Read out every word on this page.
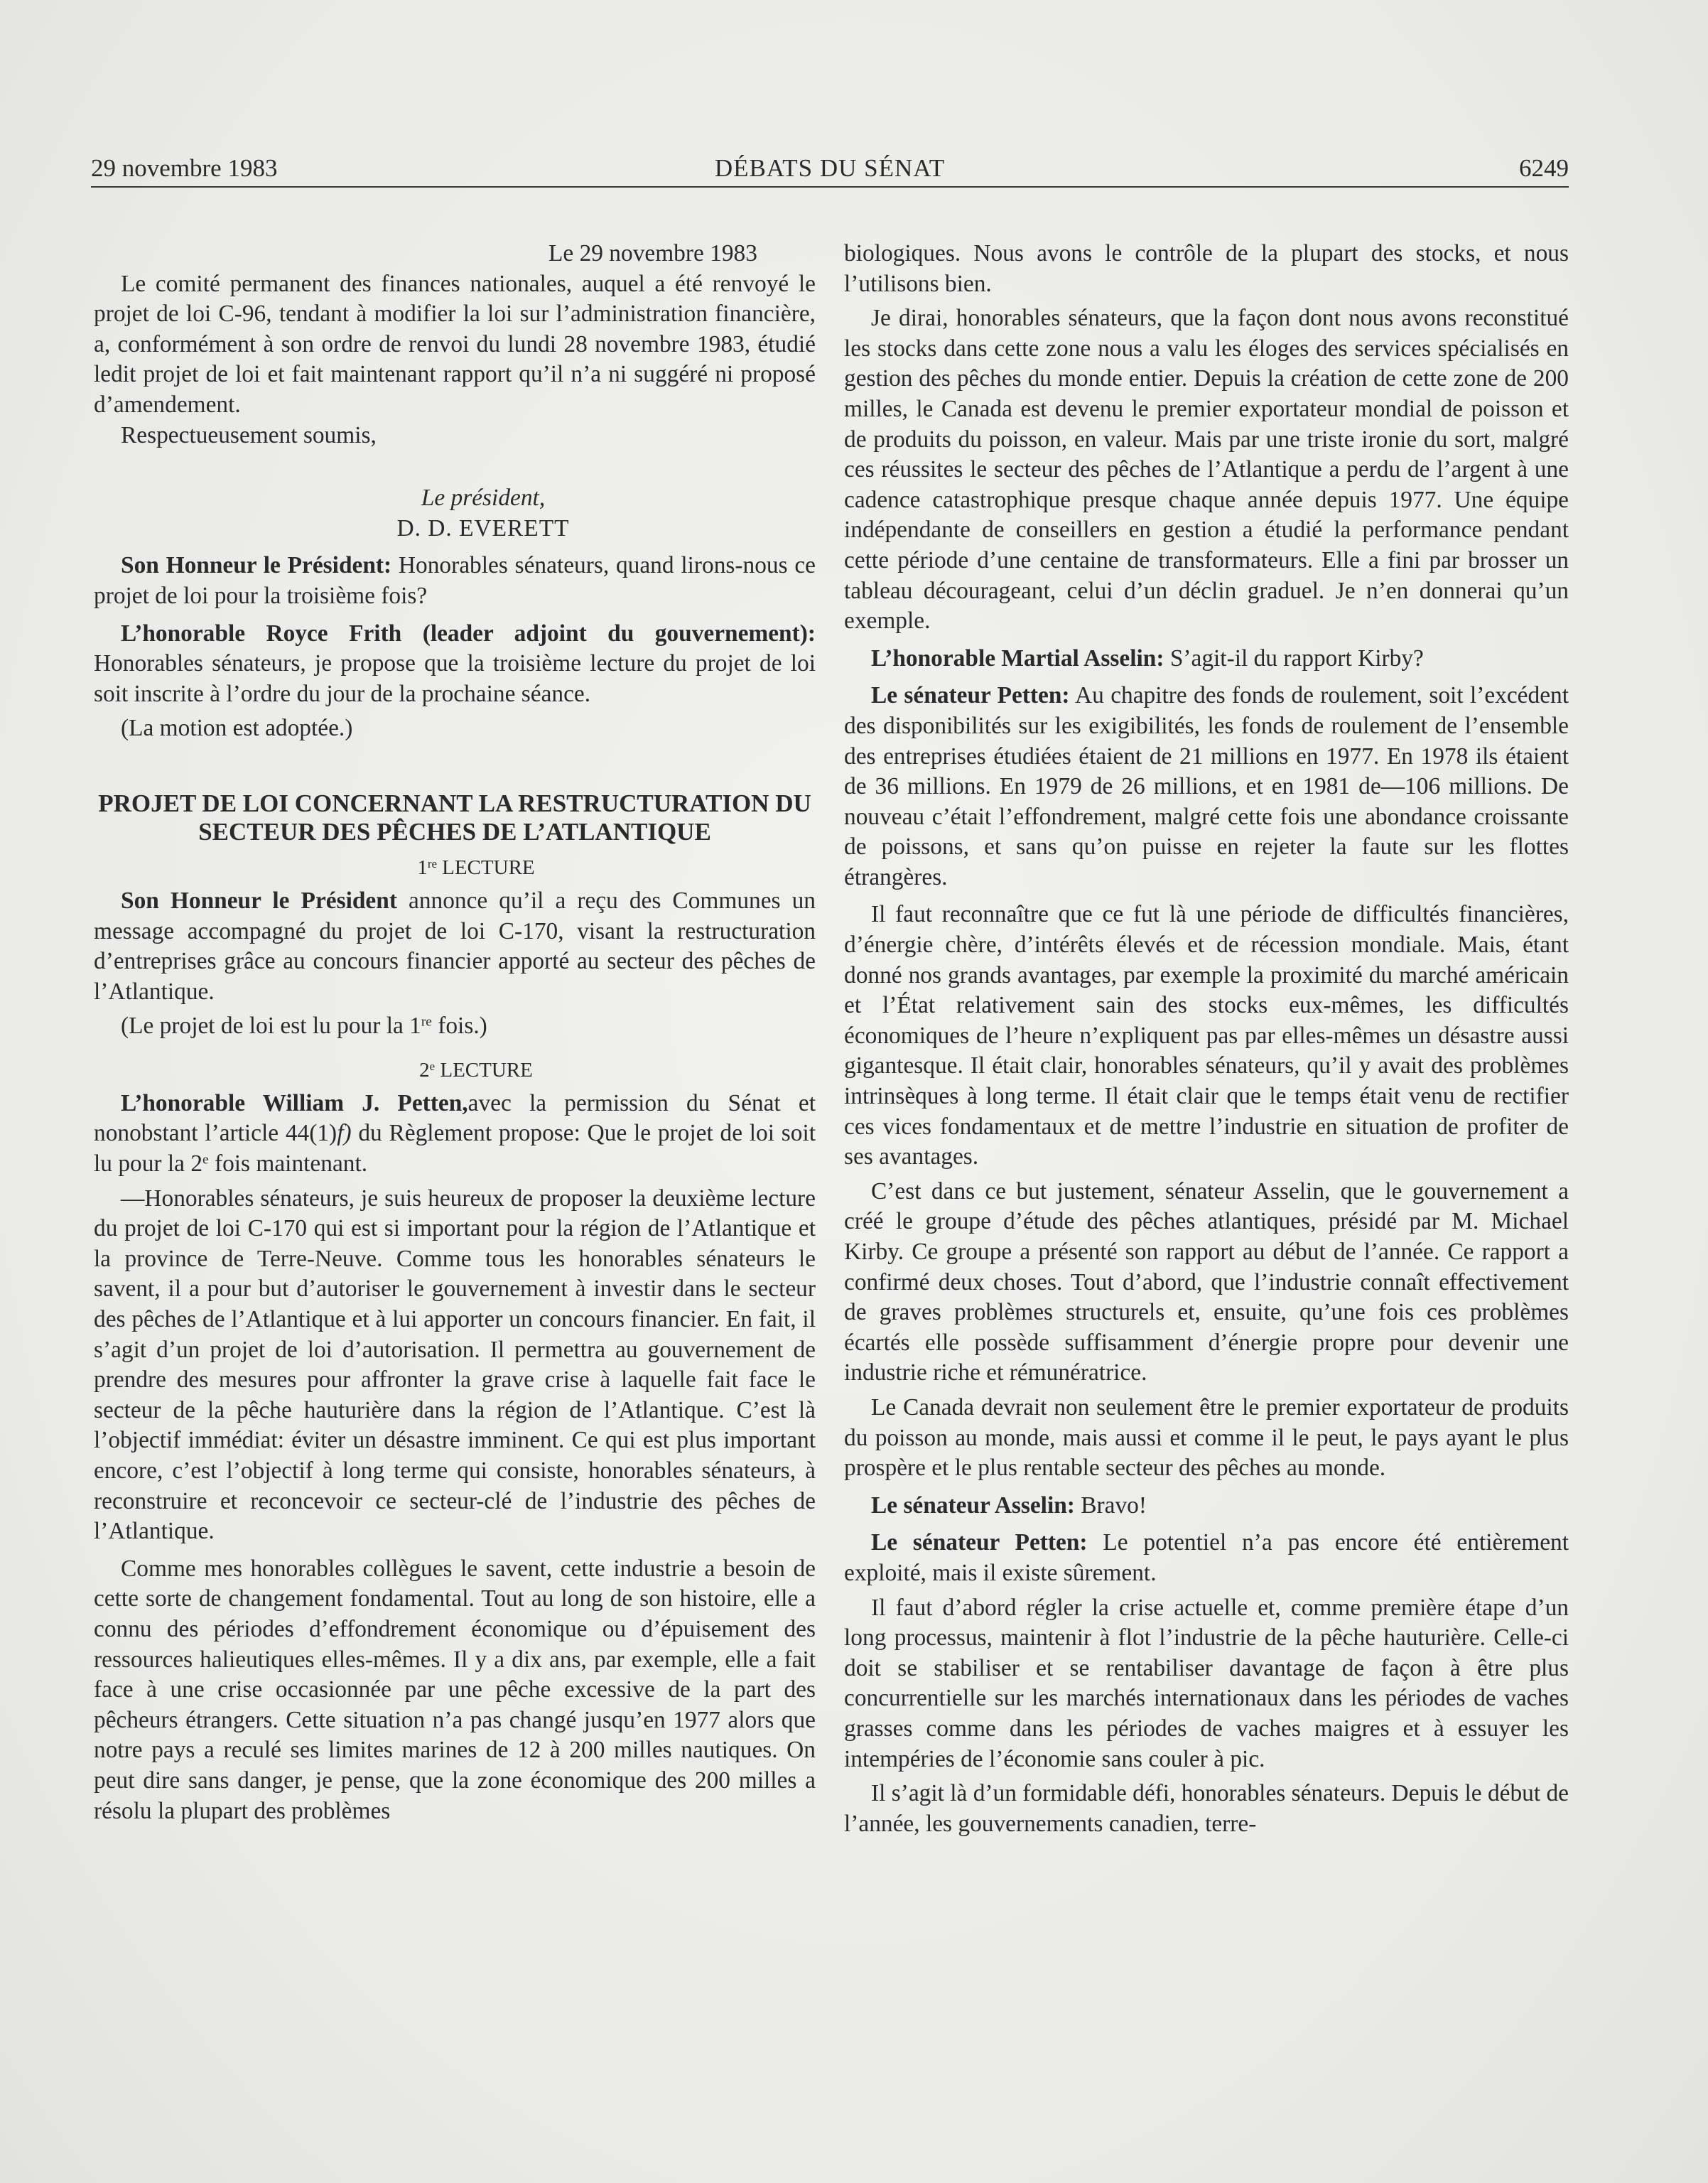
29 novembre 1983	DÉBATS DU SÉNAT	6249

Le 29 novembre 1983

Le comité permanent des finances nationales, auquel a été renvoyé le projet de loi C-96, tendant à modifier la loi sur l’administration financière, a, conformément à son ordre de renvoi du lundi 28 novembre 1983, étudié ledit projet de loi et fait maintenant rapport qu’il n’a ni suggéré ni proposé d’amendement.

Respectueusement soumis,

Le président,

D. D. EVERETT

Son Honneur le Président: Honorables sénateurs, quand lirons-nous ce projet de loi pour la troisième fois?

L’honorable Royce Frith (leader adjoint du gouvernement): Honorables sénateurs, je propose que la troisième lecture du projet de loi soit inscrite à l’ordre du jour de la prochaine séance.

(La motion est adoptée.)

PROJET DE LOI CONCERNANT LA RESTRUCTURATION DU SECTEUR DES PÊCHES DE L’ATLANTIQUE

1re LECTURE

Son Honneur le Président annonce qu’il a reçu des Communes un message accompagné du projet de loi C-170, visant la restructuration d’entreprises grâce au concours financier apporté au secteur des pêches de l’Atlantique.

(Le projet de loi est lu pour la 1re fois.)

2e LECTURE

L’honorable William J. Petten,avec la permission du Sénat et nonobstant l’article 44(1)f) du Règlement propose: Que le projet de loi soit lu pour la 2e fois maintenant.

—Honorables sénateurs, je suis heureux de proposer la deuxième lecture du projet de loi C-170 qui est si important pour la région de l’Atlantique et la province de Terre-Neuve. Comme tous les honorables sénateurs le savent, il a pour but d’autoriser le gouvernement à investir dans le secteur des pêches de l’Atlantique et à lui apporter un concours financier. En fait, il s’agit d’un projet de loi d’autorisation. Il permettra au gouvernement de prendre des mesures pour affronter la grave crise à laquelle fait face le secteur de la pêche hauturière dans la région de l’Atlantique. C’est là l’objectif immédiat: éviter un désastre imminent. Ce qui est plus important encore, c’est l’objectif à long terme qui consiste, honorables sénateurs, à reconstruire et reconcevoir ce secteur-clé de l’industrie des pêches de l’Atlantique.

Comme mes honorables collègues le savent, cette industrie a besoin de cette sorte de changement fondamental. Tout au long de son histoire, elle a connu des périodes d’effondrement économique ou d’épuisement des ressources halieutiques elles-mêmes. Il y a dix ans, par exemple, elle a fait face à une crise occasionnée par une pêche excessive de la part des pêcheurs étrangers. Cette situation n’a pas changé jusqu’en 1977 alors que notre pays a reculé ses limites marines de 12 à 200 milles nautiques. On peut dire sans danger, je pense, que la zone économique des 200 milles a résolu la plupart des problèmes

biologiques. Nous avons le contrôle de la plupart des stocks, et nous l’utilisons bien.

Je dirai, honorables sénateurs, que la façon dont nous avons reconstitué les stocks dans cette zone nous a valu les éloges des services spécialisés en gestion des pêches du monde entier. Depuis la création de cette zone de 200 milles, le Canada est devenu le premier exportateur mondial de poisson et de produits du poisson, en valeur. Mais par une triste ironie du sort, malgré ces réussites le secteur des pêches de l’Atlantique a perdu de l’argent à une cadence catastrophique presque chaque année depuis 1977. Une équipe indépendante de conseillers en gestion a étudié la performance pendant cette période d’une centaine de transformateurs. Elle a fini par brosser un tableau décourageant, celui d’un déclin graduel. Je n’en donnerai qu’un exemple.

L’honorable Martial Asselin: S’agit-il du rapport Kirby?

Le sénateur Petten: Au chapitre des fonds de roulement, soit l’excédent des disponibilités sur les exigibilités, les fonds de roulement de l’ensemble des entreprises étudiées étaient de 21 millions en 1977. En 1978 ils étaient de 36 millions. En 1979 de 26 millions, et en 1981 de—106 millions. De nouveau c’était l’effondrement, malgré cette fois une abondance croissante de poissons, et sans qu’on puisse en rejeter la faute sur les flottes étrangères.

Il faut reconnaître que ce fut là une période de difficultés financières, d’énergie chère, d’intérêts élevés et de récession mondiale. Mais, étant donné nos grands avantages, par exemple la proximité du marché américain et l’État relativement sain des stocks eux-mêmes, les difficultés économiques de l’heure n’expliquent pas par elles-mêmes un désastre aussi gigantesque. Il était clair, honorables sénateurs, qu’il y avait des problèmes intrinsèques à long terme. Il était clair que le temps était venu de rectifier ces vices fondamentaux et de mettre l’industrie en situation de profiter de ses avantages.

C’est dans ce but justement, sénateur Asselin, que le gouvernement a créé le groupe d’étude des pêches atlantiques, présidé par M. Michael Kirby. Ce groupe a présenté son rapport au début de l’année. Ce rapport a confirmé deux choses. Tout d’abord, que l’industrie connaît effectivement de graves problèmes structurels et, ensuite, qu’une fois ces problèmes écartés elle possède suffisamment d’énergie propre pour devenir une industrie riche et rémunératrice.

Le Canada devrait non seulement être le premier exportateur de produits du poisson au monde, mais aussi et comme il le peut, le pays ayant le plus prospère et le plus rentable secteur des pêches au monde.

Le sénateur Asselin: Bravo!

Le sénateur Petten: Le potentiel n’a pas encore été entièrement exploité, mais il existe sûrement.

Il faut d’abord régler la crise actuelle et, comme première étape d’un long processus, maintenir à flot l’industrie de la pêche hauturière. Celle-ci doit se stabiliser et se rentabiliser davantage de façon à être plus concurrentielle sur les marchés internationaux dans les périodes de vaches grasses comme dans les périodes de vaches maigres et à essuyer les intempéries de l’économie sans couler à pic.

Il s’agit là d’un formidable défi, honorables sénateurs. Depuis le début de l’année, les gouvernements canadien, terre-
